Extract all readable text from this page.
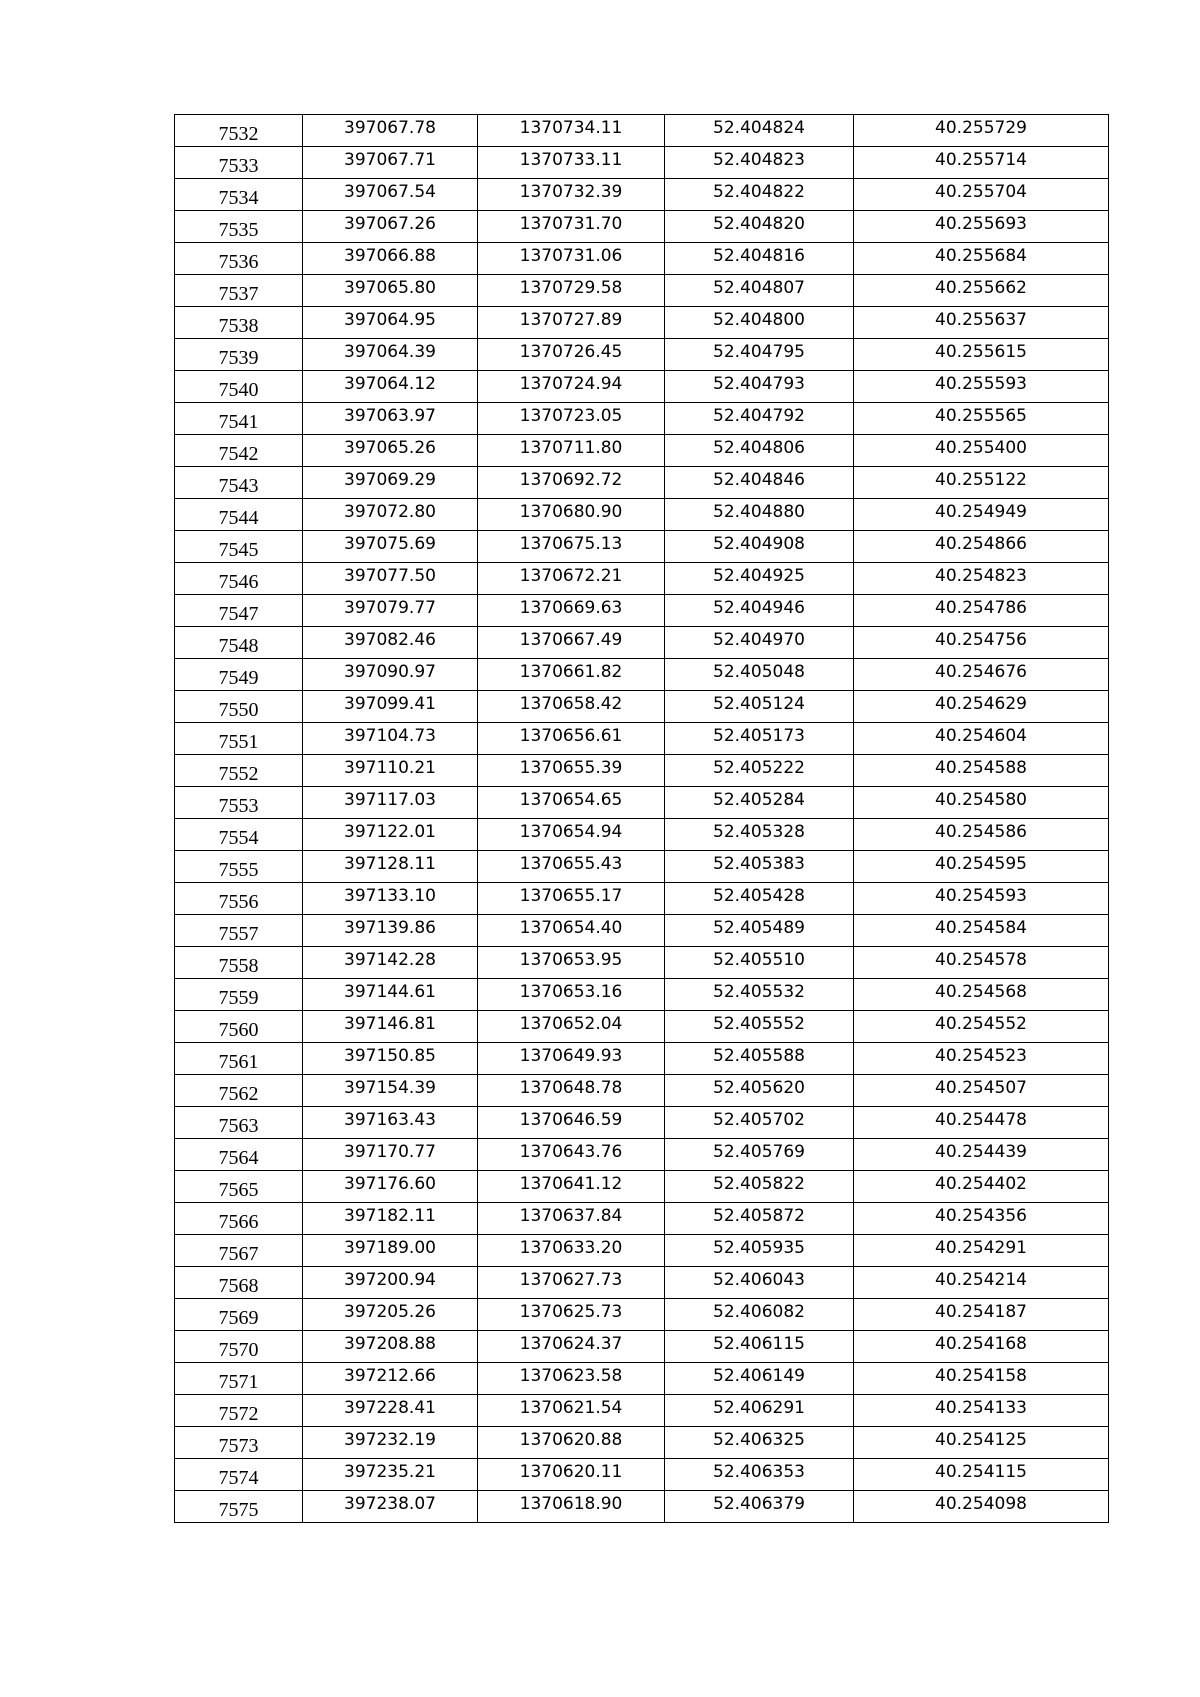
7532	397067.78	1370734.11	52.404824	40.255729
7533	397067.71	1370733.11	52.404823	40.255714
7534	397067.54	1370732.39	52.404822	40.255704
7535	397067.26	1370731.70	52.404820	40.255693
7536	397066.88	1370731.06	52.404816	40.255684
7537	397065.80	1370729.58	52.404807	40.255662
7538	397064.95	1370727.89	52.404800	40.255637
7539	397064.39	1370726.45	52.404795	40.255615
7540	397064.12	1370724.94	52.404793	40.255593
7541	397063.97	1370723.05	52.404792	40.255565
7542	397065.26	1370711.80	52.404806	40.255400
7543	397069.29	1370692.72	52.404846	40.255122
7544	397072.80	1370680.90	52.404880	40.254949
7545	397075.69	1370675.13	52.404908	40.254866
7546	397077.50	1370672.21	52.404925	40.254823
7547	397079.77	1370669.63	52.404946	40.254786
7548	397082.46	1370667.49	52.404970	40.254756
7549	397090.97	1370661.82	52.405048	40.254676
7550	397099.41	1370658.42	52.405124	40.254629
7551	397104.73	1370656.61	52.405173	40.254604
7552	397110.21	1370655.39	52.405222	40.254588
7553	397117.03	1370654.65	52.405284	40.254580
7554	397122.01	1370654.94	52.405328	40.254586
7555	397128.11	1370655.43	52.405383	40.254595
7556	397133.10	1370655.17	52.405428	40.254593
7557	397139.86	1370654.40	52.405489	40.254584
7558	397142.28	1370653.95	52.405510	40.254578
7559	397144.61	1370653.16	52.405532	40.254568
7560	397146.81	1370652.04	52.405552	40.254552
7561	397150.85	1370649.93	52.405588	40.254523
7562	397154.39	1370648.78	52.405620	40.254507
7563	397163.43	1370646.59	52.405702	40.254478
7564	397170.77	1370643.76	52.405769	40.254439
7565	397176.60	1370641.12	52.405822	40.254402
7566	397182.11	1370637.84	52.405872	40.254356
7567	397189.00	1370633.20	52.405935	40.254291
7568	397200.94	1370627.73	52.406043	40.254214
7569	397205.26	1370625.73	52.406082	40.254187
7570	397208.88	1370624.37	52.406115	40.254168
7571	397212.66	1370623.58	52.406149	40.254158
7572	397228.41	1370621.54	52.406291	40.254133
7573	397232.19	1370620.88	52.406325	40.254125
7574	397235.21	1370620.11	52.406353	40.254115
7575	397238.07	1370618.90	52.406379	40.254098
